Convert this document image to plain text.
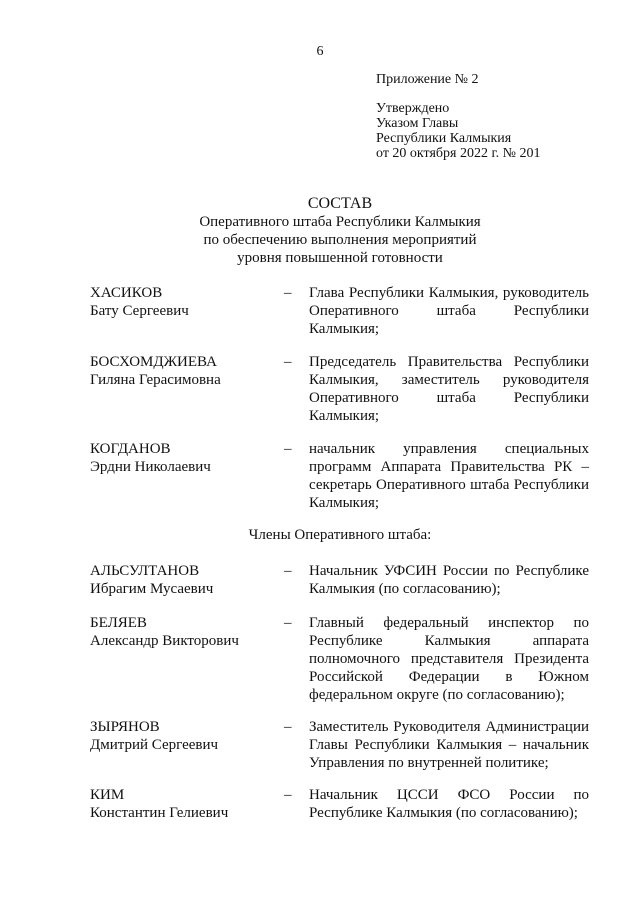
6
Приложение № 2
Утверждено
Указом Главы
Республики Калмыкия
от 20 октября 2022 г. № 201
СОСТАВ
Оперативного штаба Республики Калмыкия
по обеспечению выполнения мероприятий
уровня повышенной готовности
ХАСИКОВ
Бату Сергеевич
– Глава Республики Калмыкия, руководитель
Оперативного штаба Республики
Калмыкия;
БОСХОМДЖИЕВА
Гиляна Герасимовна
– Председатель Правительства Республики
Калмыкия, заместитель руководителя
Оперативного штаба Республики
Калмыкия;
КОГДАНОВ
Эрдни Николаевич
– начальник управления специальных
программ Аппарата Правительства РК –
секретарь Оперативного штаба Республики
Калмыкия;
Члены Оперативного штаба:
АЛЬСУЛТАНОВ
Ибрагим Мусаевич
– Начальник УФСИН России по Республике
Калмыкия (по согласованию);
БЕЛЯЕВ
Александр Викторович
– Главный федеральный инспектор по
Республике Калмыкия аппарата
полномочного представителя Президента
Российской Федерации в Южном
федеральном округе (по согласованию);
ЗЫРЯНОВ
Дмитрий Сергеевич
– Заместитель Руководителя Администрации
Главы Республики Калмыкия – начальник
Управления по внутренней политике;
КИМ
Константин Гелиевич
– Начальник ЦССИ ФСО России по
Республике Калмыкия (по согласованию);
